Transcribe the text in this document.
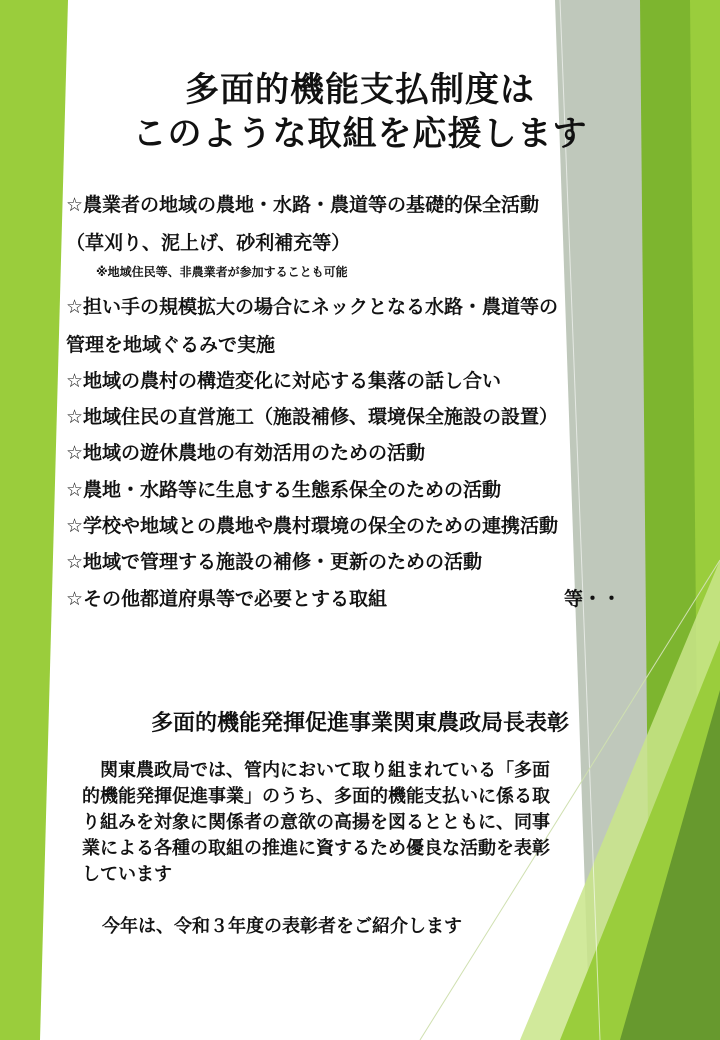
多面的機能支払制度は
このような取組を応援します
☆農業者の地域の農地・水路・農道等の基礎的保全活動
（草刈り、泥上げ、砂利補充等）
※地域住民等、非農業者が参加することも可能
☆担い手の規模拡大の場合にネックとなる水路・農道等の
管理を地域ぐるみで実施
☆地域の農村の構造変化に対応する集落の話し合い
☆地域住民の直営施工（施設補修、環境保全施設の設置）
☆地域の遊休農地の有効活用のための活動
☆農地・水路等に生息する生態系保全のための活動
☆学校や地域との農地や農村環境の保全のための連携活動
☆地域で管理する施設の補修・更新のための活動
☆その他都道府県等で必要とする取組	等・・
多面的機能発揮促進事業関東農政局長表彰
　関東農政局では、管内において取り組まれている「多面
的機能発揮促進事業」のうち、多面的機能支払いに係る取
り組みを対象に関係者の意欲の高揚を図るとともに、同事
業による各種の取組の推進に資するため優良な活動を表彰
しています
今年は、令和３年度の表彰者をご紹介します
